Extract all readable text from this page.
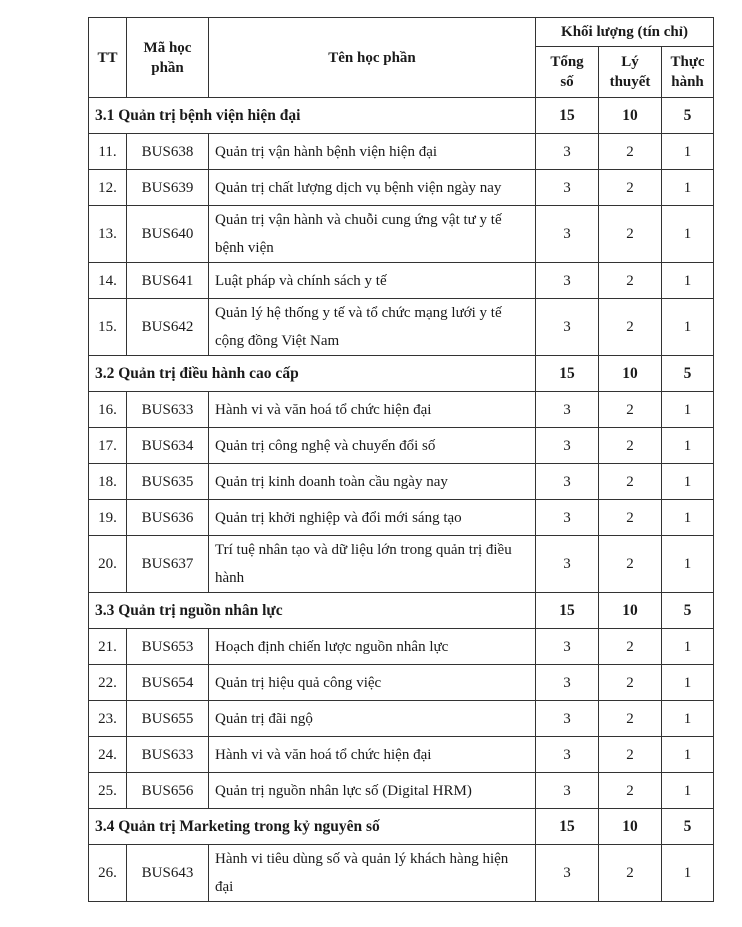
TT	Mã học phần	Tên học phần	Khối lượng (tín chỉ)		
			Tổng số	Lý thuyết	Thực hành
3.1 Quản trị bệnh viện hiện đại			15	10	5
11.	BUS638	Quản trị vận hành bệnh viện hiện đại	3	2	1
12.	BUS639	Quản trị chất lượng dịch vụ bệnh viện ngày nay	3	2	1
13.	BUS640	Quản trị vận hành và chuỗi cung ứng vật tư y tế bệnh viện	3	2	1
14.	BUS641	Luật pháp và chính sách y tế	3	2	1
15.	BUS642	Quản lý hệ thống y tế và tổ chức mạng lưới y tế cộng đồng Việt Nam	3	2	1
3.2 Quản trị điều hành cao cấp			15	10	5
16.	BUS633	Hành vi và văn hoá tổ chức hiện đại	3	2	1
17.	BUS634	Quản trị công nghệ và chuyển đổi số	3	2	1
18.	BUS635	Quản trị kinh doanh toàn cầu ngày nay	3	2	1
19.	BUS636	Quản trị khởi nghiệp và đổi mới sáng tạo	3	2	1
20.	BUS637	Trí tuệ nhân tạo và dữ liệu lớn trong quản trị điều hành	3	2	1
3.3 Quản trị nguồn nhân lực			15	10	5
21.	BUS653	Hoạch định chiến lược nguồn nhân lực	3	2	1
22.	BUS654	Quản trị hiệu quả công việc	3	2	1
23.	BUS655	Quản trị đãi ngộ	3	2	1
24.	BUS633	Hành vi và văn hoá tổ chức hiện đại	3	2	1
25.	BUS656	Quản trị nguồn nhân lực số (Digital HRM)	3	2	1
3.4 Quản trị Marketing trong kỷ nguyên số			15	10	5
26.	BUS643	Hành vi tiêu dùng số và quản lý khách hàng hiện đại	3	2	1
